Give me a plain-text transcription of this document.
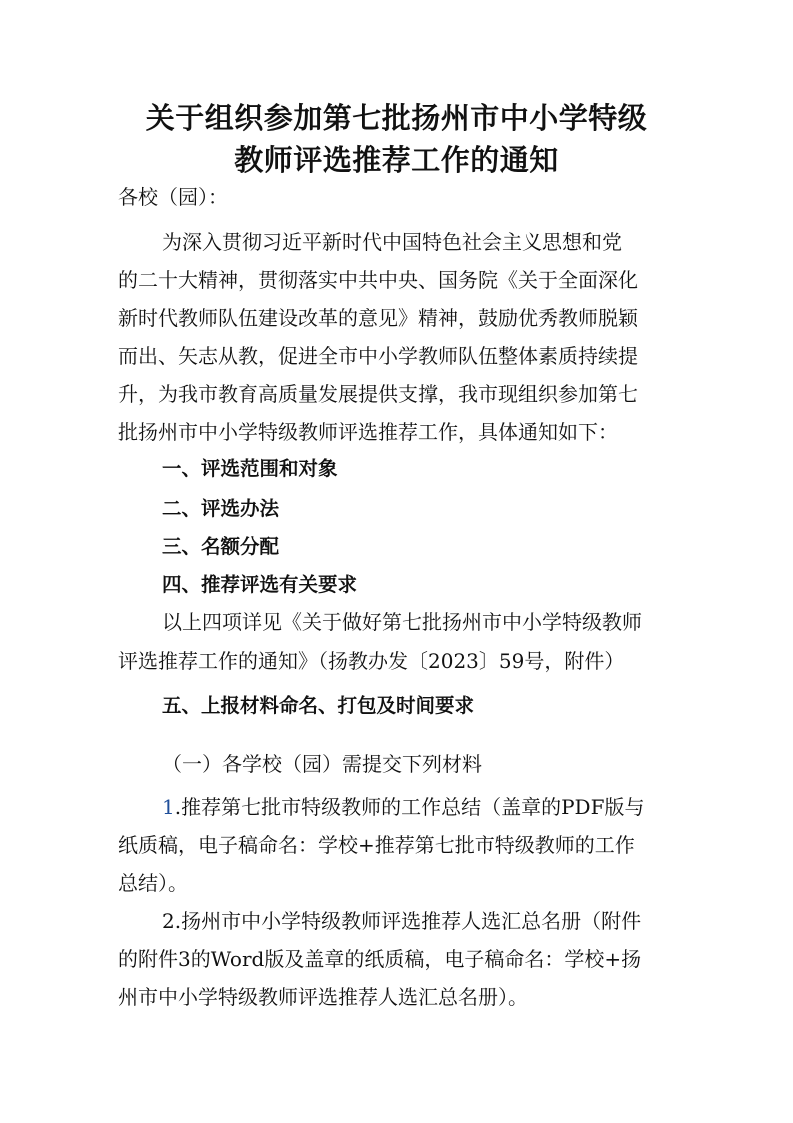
关于组织参加第七批扬州市中小学特级
教师评选推荐工作的通知

各校（园）：

为深入贯彻习近平新时代中国特色社会主义思想和党

的二十大精神，贯彻落实中共中央、国务院《关于全面深化

新时代教师队伍建设改革的意见》精神，鼓励优秀教师脱颖

而出、矢志从教，促进全市中小学教师队伍整体素质持续提

升，为我市教育高质量发展提供支撑，我市现组织参加第七

批扬州市中小学特级教师评选推荐工作，具体通知如下：

一、评选范围和对象

二、评选办法

三、名额分配

四、推荐评选有关要求

以上四项详见《关于做好第七批扬州市中小学特级教师

评选推荐工作的通知》（扬教办发〔2023〕59号，附件）

五、上报材料命名、打包及时间要求

（一）各学校（园）需提交下列材料

1.推荐第七批市特级教师的工作总结（盖章的PDF版与

纸质稿，电子稿命名：学校+推荐第七批市特级教师的工作

总结）。

2.扬州市中小学特级教师评选推荐人选汇总名册（附件

的附件3的Word版及盖章的纸质稿，电子稿命名：学校+扬

州市中小学特级教师评选推荐人选汇总名册）。
